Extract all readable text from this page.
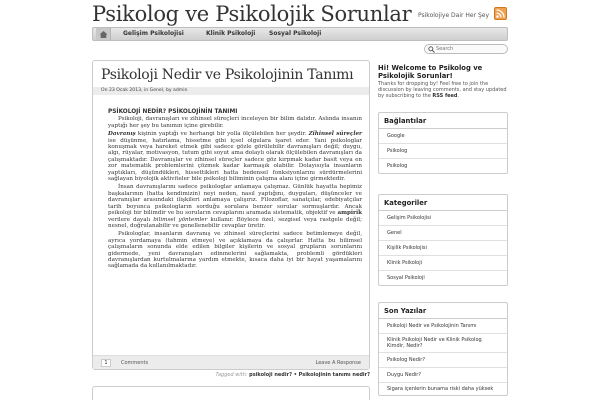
Psikolog ve Psikolojik Sorunlar Psikolojiye Dair Her Şey
Gelişim Psikolojisi	Klinik Psikoloji Sosyal Psikoloji
Search
Psikoloji Nedir ve Psikolojinin Tanımı
On 23 Ocak 2013, in Genel, by admin
PSİKOLOJİ NEDİR? PSİKOLOJİNİN TANIMI

Psikoloji, davranışları ve zihinsel süreçleri inceleyen bir bilim dalıdır. Aslında insanın yaptığı her şey bu tanımın içine girebilir.

Davranış kişinin yaptığı ve herhangi bir yolla ölçülebilen her şeydir. Zihinsel süreçler ise düşünme, hatırlama, hissetme gibi içsel olgulara işaret eder. Yani psikologlar konuşmak veya hareket etmek gibi sadece gözle görülebilir davranışları değil; duygu, algı, rüyalar, motivasyon, tutum gibi soyut ama dolaylı olarak ölçülebilen davranışları da çalışmaktadır. Davranışlar ve zihinsel süreçler sadece göz kırpmak kadar basit veya en zor matematik problemlerini çözmek kadar karmaşık olabilir. Dolayısıyla insanların yaptıkları, düşündükleri, hissettikleri hatta bedensel fonksiyonlarını sürdürmelerini sağlayan biyolojik aktiviteler bile psikoloji biliminin çalışma alanı içine girmektedir.

İnsan davranışlarını sadece psikologlar anlamaya çalışmaz. Günlük hayatta hepimiz başkalarının (hatta kendimizin) neyi neden, nasıl yaptığını, duyguları, düşünceler ve davranışlar arasındaki ilişkileri anlamaya çalışırız. Filozoflar, sanatçılar, edebiyatçılar tarih boyunca psikologların sorduğu sorulara benzer sorular sormuşlardır. Ancak psikoloji bir bilimdir ve bu soruların cevaplarını aramada sistematik, objektif ve ampirik verilere dayalı bilimsel yöntemler kullanır. Böylece özel, sezgisel veya rastgele değil; nesnel, doğrulanabilir ve genellenebilir cevaplar üretir.

Psikologlar, insanların davranış ve zihinsel süreçlerini sadece betimlemeye değil, ayrıca yordamaya (tahmin etmeye) ve açıklamaya da çalışırlar. Hatta bu bilimsel çalışmaların sonunda elde edilen bilgiler kişilerin ve sosyal grupların sorunlarını gidermede, yeni davranışları edinmelerini sağlamakta, problemli gördükleri davranışlardan kurtulmalarına yardım etmekte, kısaca daha iyi bir hayat yaşamalarını sağlamada da kullanılmaktadır.

1	Comments	Leave A Response
Tagged with: psikoloji nedir? • Psikolojinin tanımı nedir?
Hi! Welcome to Psikolog ve Psikolojik Sorunlar!
Thanks for dropping by! Feel free to join the discussion by leaving comments, and stay updated by subscribing to the RSS feed.
Bağlantılar
Google
Psikolog
Psikolog
Kategoriler
Gelişim Psikolojisi
Genel
Kişilik Psikolojisi
Klinik Psikoloji
Sosyal Psikoloji
Son Yazılar
Psikoloji Nedir ve Psikolojinin Tanımı
Klinik Psikoloji Nedir ve Klinik Psikolog Kimdir, Nedir?
Psikolog Nedir?
Duygu Nedir?
Sigara içenlerin bunama riski daha yüksek
